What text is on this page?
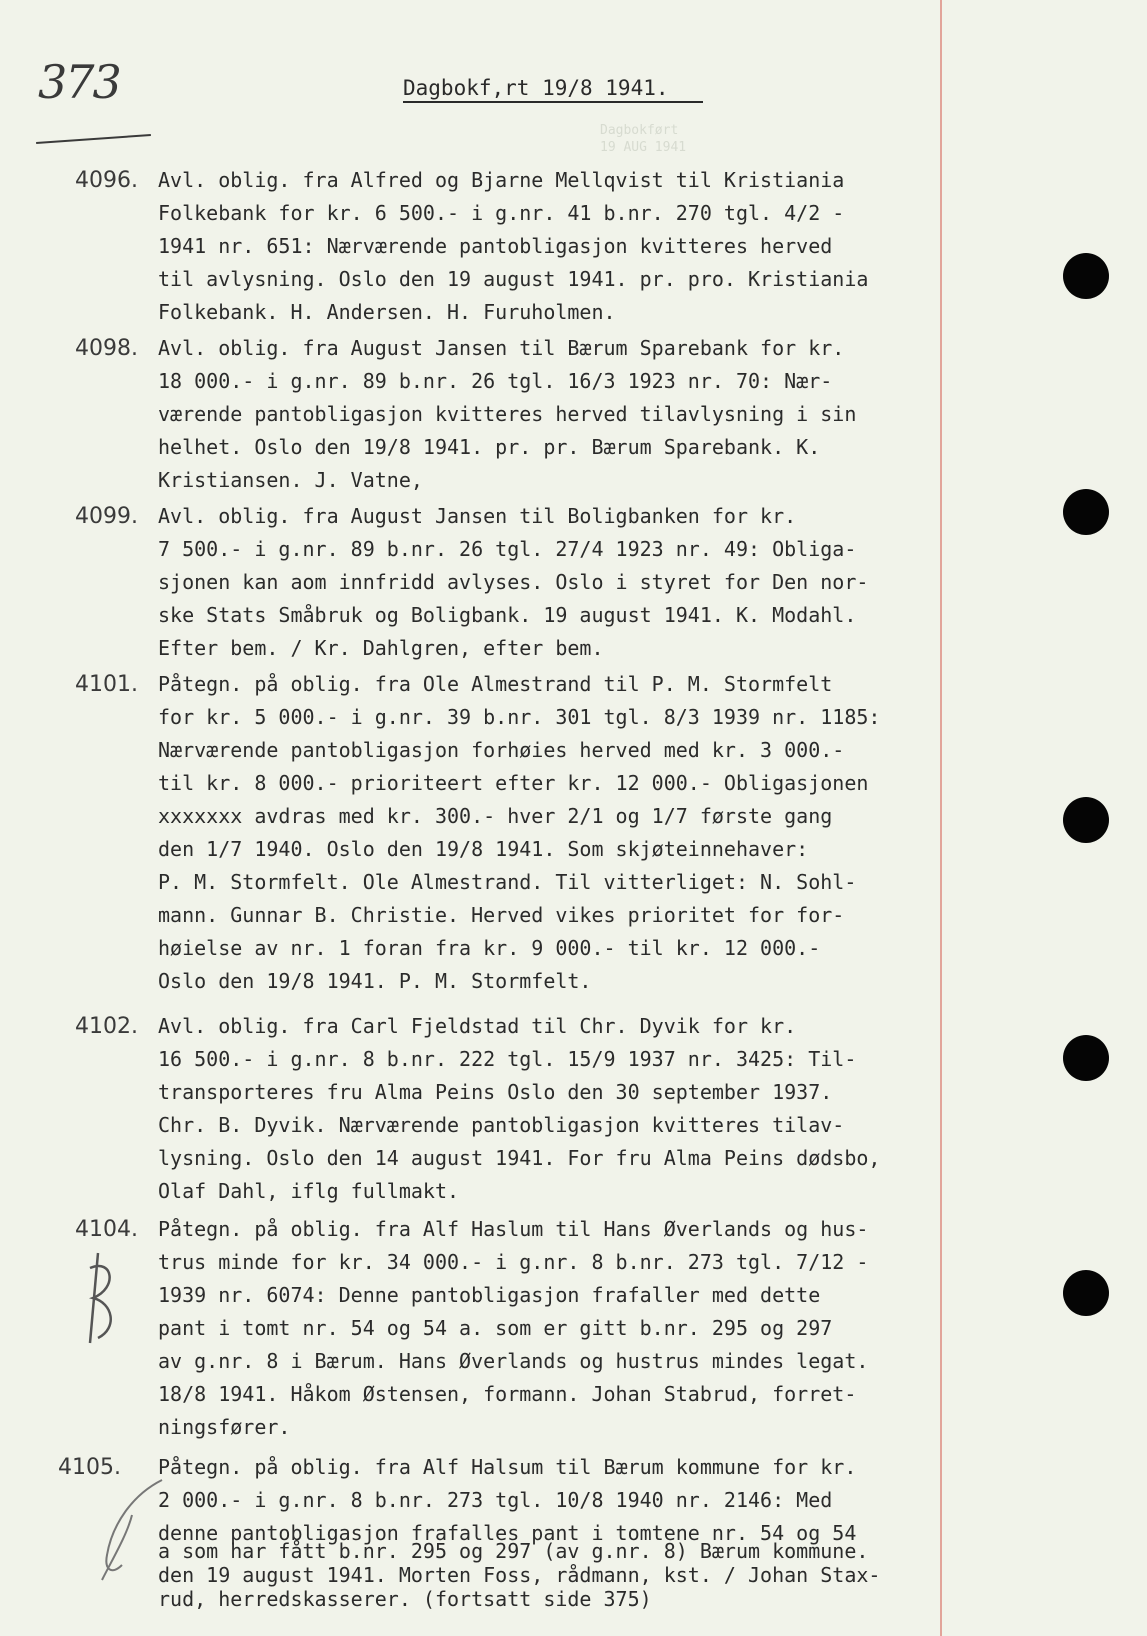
373	Dagbokf,rt 19/8 1941.
Dagbokført
19 AUG 1941
4096. Avl. oblig. fra Alfred og Bjarne Mellqvist til Kristiania
Folkebank for kr. 6 500.- i g.nr. 41 b.nr. 270 tgl. 4/2 -
1941 nr. 651: Nærværende pantobligasjon kvitteres herved
til avlysning. Oslo den 19 august 1941. pr. pro. Kristiania
Folkebank. H. Andersen. H. Furuholmen.
4098. Avl. oblig. fra August Jansen til Bærum Sparebank for kr.
18 000.- i g.nr. 89 b.nr. 26 tgl. 16/3 1923 nr. 70: Nær-
værende pantobligasjon kvitteres herved tilavlysning i sin
helhet. Oslo den 19/8 1941. pr. pr. Bærum Sparebank. K.
Kristiansen. J. Vatne,
4099. Avl. oblig. fra August Jansen til Boligbanken for kr.
7 500.- i g.nr. 89 b.nr. 26 tgl. 27/4 1923 nr. 49: Obliga-
sjonen kan aom innfridd avlyses. Oslo i styret for Den nor-
ske Stats Småbruk og Boligbank. 19 august 1941. K. Modahl.
Efter bem. / Kr. Dahlgren, efter bem.
4101. Påtegn. på oblig. fra Ole Almestrand til P. M. Stormfelt
for kr. 5 000.- i g.nr. 39 b.nr. 301 tgl. 8/3 1939 nr. 1185:
Nærværende pantobligasjon forhøies herved med kr. 3 000.-
til kr. 8 000.- prioriteert efter kr. 12 000.- Obligasjonen
xxxxxxx avdras med kr. 300.- hver 2/1 og 1/7 første gang
den 1/7 1940. Oslo den 19/8 1941. Som skjøteinnehaver:
P. M. Stormfelt. Ole Almestrand. Til vitterliget: N. Sohl-
mann. Gunnar B. Christie. Herved vikes prioritet for for-
høielse av nr. 1 foran fra kr. 9 000.- til kr. 12 000.-
Oslo den 19/8 1941. P. M. Stormfelt.
4102. Avl. oblig. fra Carl Fjeldstad til Chr. Dyvik for kr.
16 500.- i g.nr. 8 b.nr. 222 tgl. 15/9 1937 nr. 3425: Til-
transporteres fru Alma Peins Oslo den 30 september 1937.
Chr. B. Dyvik. Nærværende pantobligasjon kvitteres tilav-
lysning. Oslo den 14 august 1941. For fru Alma Peins dødsbo,
Olaf Dahl, iflg fullmakt.
4104. Påtegn. på oblig. fra Alf Haslum til Hans Øverlands og hus-
trus minde for kr. 34 000.- i g.nr. 8 b.nr. 273 tgl. 7/12 -
1939 nr. 6074: Denne pantobligasjon frafaller med dette
pant i tomt nr. 54 og 54 a. som er gitt b.nr. 295 og 297
av g.nr. 8 i Bærum. Hans Øverlands og hustrus mindes legat.
18/8 1941. Håkom Østensen, formann. Johan Stabrud, forret-
ningsfører.
4105. Påtegn. på oblig. fra Alf Halsum til Bærum kommune for kr.
2 000.- i g.nr. 8 b.nr. 273 tgl. 10/8 1940 nr. 2146: Med
denne pantobligasjon frafalles pant i tomtene nr. 54 og 54
a som har fått b.nr. 295 og 297 (av g.nr. 8) Bærum kommune.
den 19 august 1941. Morten Foss, rådmann, kst. / Johan Stax-
rud, herredskasserer. (fortsatt side 375)
